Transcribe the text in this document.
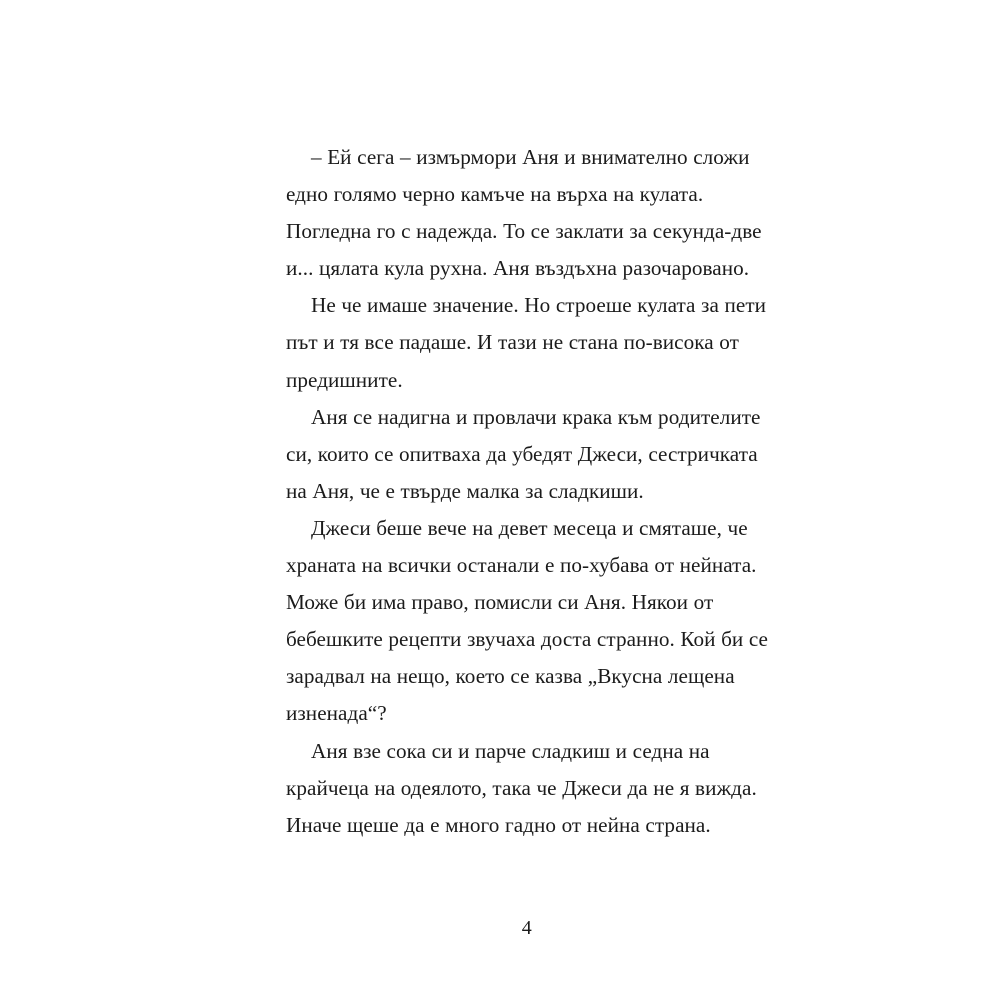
– Ей сега – измърмори Аня и внимателно сложи едно голямо черно камъче на върха на кулата. Погледна го с надежда. То се заклати за секунда-две и... цялата кула рухна. Аня въздъхна разочаровано.

Не че имаше значение. Но строеше кулата за пети път и тя все падаше. И тази не стана по-висока от предишните.

Аня се надигна и провлачи крака към родителите си, които се опитваха да убедят Джеси, сестричката на Аня, че е твърде малка за сладкиши.

Джеси беше вече на девет месеца и смяташе, че храната на всички останали е по-хубава от нейната. Може би има право, помисли си Аня. Някои от бебешките рецепти звучаха доста странно. Кой би се зарадвал на нещо, което се казва „Вкусна лещена изненада“?

Аня взе сока си и парче сладкиш и седна на крайчеца на одеялото, така че Джеси да не я вижда. Иначе щеше да е много гадно от нейна страна.

4
